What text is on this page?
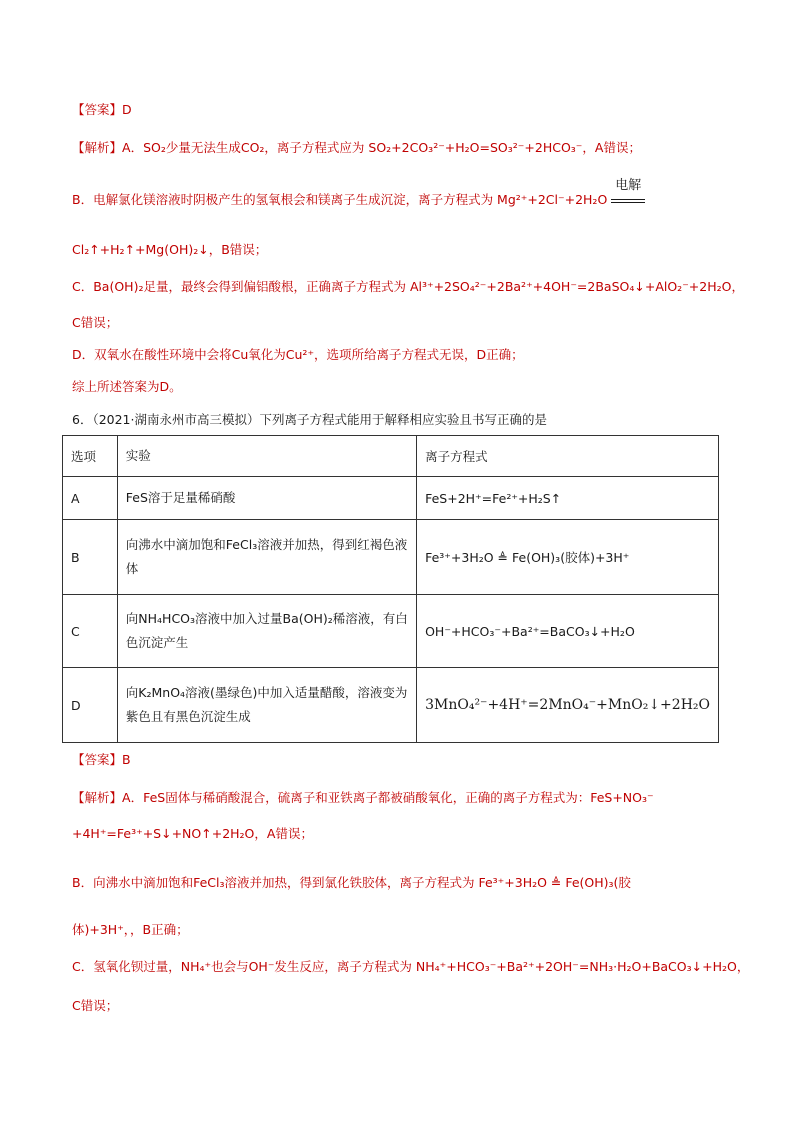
【答案】D
【解析】A．SO₂少量无法生成CO₂，离子方程式应为 SO₂+2CO₃²⁻+H₂O=SO₃²⁻+2HCO₃⁻，A错误；
B．电解氯化镁溶液时阴极产生的氢氧根会和镁离子生成沉淀，离子方程式为 Mg²⁺+2Cl⁻+2H₂O
电解
Cl₂↑+H₂↑+Mg(OH)₂↓，B错误；
C．Ba(OH)₂足量，最终会得到偏铝酸根，正确离子方程式为 Al³⁺+2SO₄²⁻+2Ba²⁺+4OH⁻=2BaSO₄↓+AlO₂⁻+2H₂O，
C错误；
D．双氧水在酸性环境中会将Cu氧化为Cu²⁺，选项所给离子方程式无误，D正确；
综上所述答案为D。
6．（2021·湖南永州市高三模拟）下列离子方程式能用于解释相应实验且书写正确的是
选项	实验	离子方程式
A	FeS溶于足量稀硝酸	FeS+2H⁺=Fe²⁺+H₂S↑
B	向沸水中滴加饱和FeCl₃溶液并加热，得到红褐色液体	Fe³⁺+3H₂O ≜ Fe(OH)₃(胶体)+3H⁺
C	向NH₄HCO₃溶液中加入过量Ba(OH)₂稀溶液，有白色沉淀产生	OH⁻+HCO₃⁻+Ba²⁺=BaCO₃↓+H₂O
D	向K₂MnO₄溶液(墨绿色)中加入适量醋酸，溶液变为紫色且有黑色沉淀生成	3MnO₄²⁻+4H⁺=2MnO₄⁻+MnO₂↓+2H₂O
【答案】B
【解析】A．FeS固体与稀硝酸混合，硫离子和亚铁离子都被硝酸氧化，正确的离子方程式为：FeS+NO₃⁻
+4H⁺=Fe³⁺+S↓+NO↑+2H₂O，A错误；
B．向沸水中滴加饱和FeCl₃溶液并加热，得到氯化铁胶体，离子方程式为 Fe³⁺+3H₂O ≜ Fe(OH)₃(胶
体)+3H⁺，，B正确；
C．氢氧化钡过量，NH₄⁺也会与OH⁻发生反应，离子方程式为 NH₄⁺+HCO₃⁻+Ba²⁺+2OH⁻=NH₃·H₂O+BaCO₃↓+H₂O，
C错误；
